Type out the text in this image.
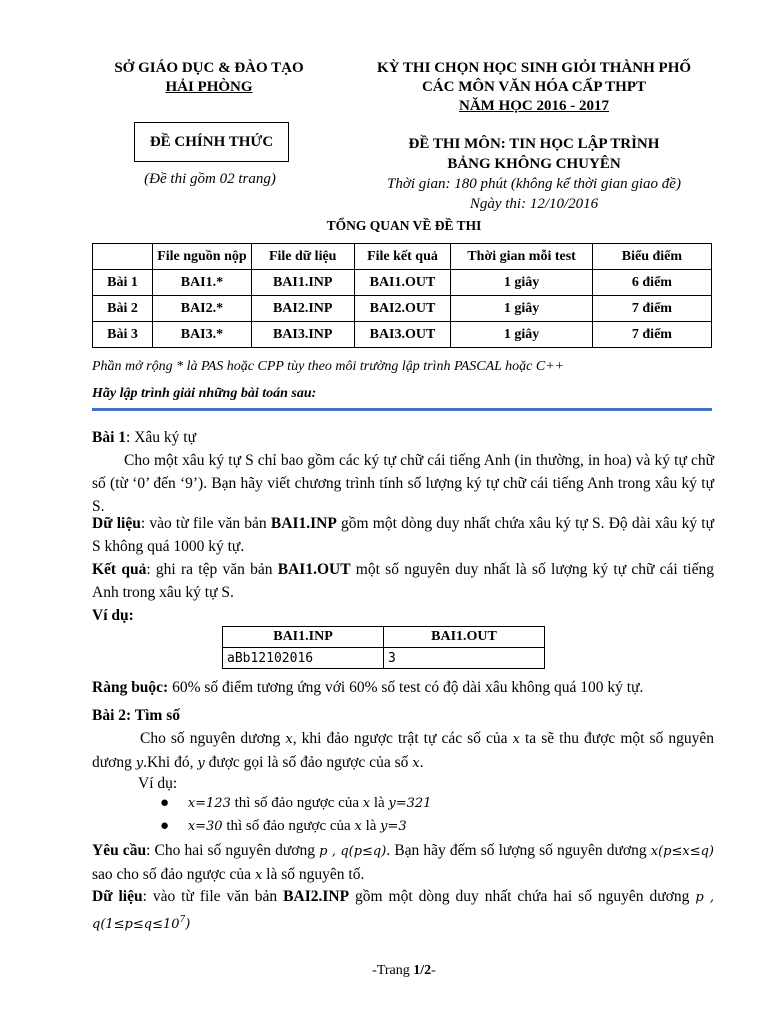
SỞ GIÁO DỤC & ĐÀO TẠO
HẢI PHÒNG
KỲ THI CHỌN HỌC SINH GIỎI THÀNH PHỐ
CÁC MÔN VĂN HÓA CẤP THPT
NĂM HỌC 2016 - 2017
ĐỀ CHÍNH THỨC
(Đề thi gồm 02 trang)
ĐỀ THI MÔN: TIN HỌC LẬP TRÌNH
BẢNG KHÔNG CHUYÊN
Thời gian: 180 phút (không kể thời gian giao đề)
Ngày thi: 12/10/2016
TỔNG QUAN VỀ ĐỀ THI
	File nguồn nộp	File dữ liệu	File kết quả	Thời gian mỗi test	Biểu điểm
Bài 1	BAI1.*	BAI1.INP	BAI1.OUT	1 giây	6 điểm
Bài 2	BAI2.*	BAI2.INP	BAI2.OUT	1 giây	7 điểm
Bài 3	BAI3.*	BAI3.INP	BAI3.OUT	1 giây	7 điểm
Phần mở rộng * là PAS hoặc CPP tùy theo môi trường lập trình PASCAL hoặc C++
Hãy lập trình giải những bài toán sau:
Bài 1: Xâu ký tự
Cho một xâu ký tự S chỉ bao gồm các ký tự chữ cái tiếng Anh (in thường, in hoa) và ký tự chữ số (từ ‘0’ đến ‘9’). Bạn hãy viết chương trình tính số lượng ký tự chữ cái tiếng Anh trong xâu ký tự S.
Dữ liệu: vào từ file văn bản BAI1.INP gồm một dòng duy nhất chứa xâu ký tự S. Độ dài xâu ký tự S không quá 1000 ký tự.
Kết quả: ghi ra tệp văn bản BAI1.OUT một số nguyên duy nhất là số lượng ký tự chữ cái tiếng Anh trong xâu ký tự S.
Ví dụ:
BAI1.INP	BAI1.OUT
aBb12102016	3
Ràng buộc: 60% số điểm tương ứng với 60% số test có độ dài xâu không quá 100 ký tự.
Bài 2: Tìm số
Cho số nguyên dương x, khi đảo ngược trật tự các số của x ta sẽ thu được một số nguyên dương y.Khi đó, y được gọi là số đảo ngược của số x.
Ví dụ:
● x=123 thì số đảo ngược của x là y=321
● x=30 thì số đảo ngược của x là y=3
Yêu cầu: Cho hai số nguyên dương p , q(p≤q). Bạn hãy đếm số lượng số nguyên dương x(p≤x≤q) sao cho số đảo ngược của x là số nguyên tố.
Dữ liệu: vào từ file văn bản BAI2.INP gồm một dòng duy nhất chứa hai số nguyên dương p , $q(1\le p\le q\le 10^7)$
-Trang 1/2-
